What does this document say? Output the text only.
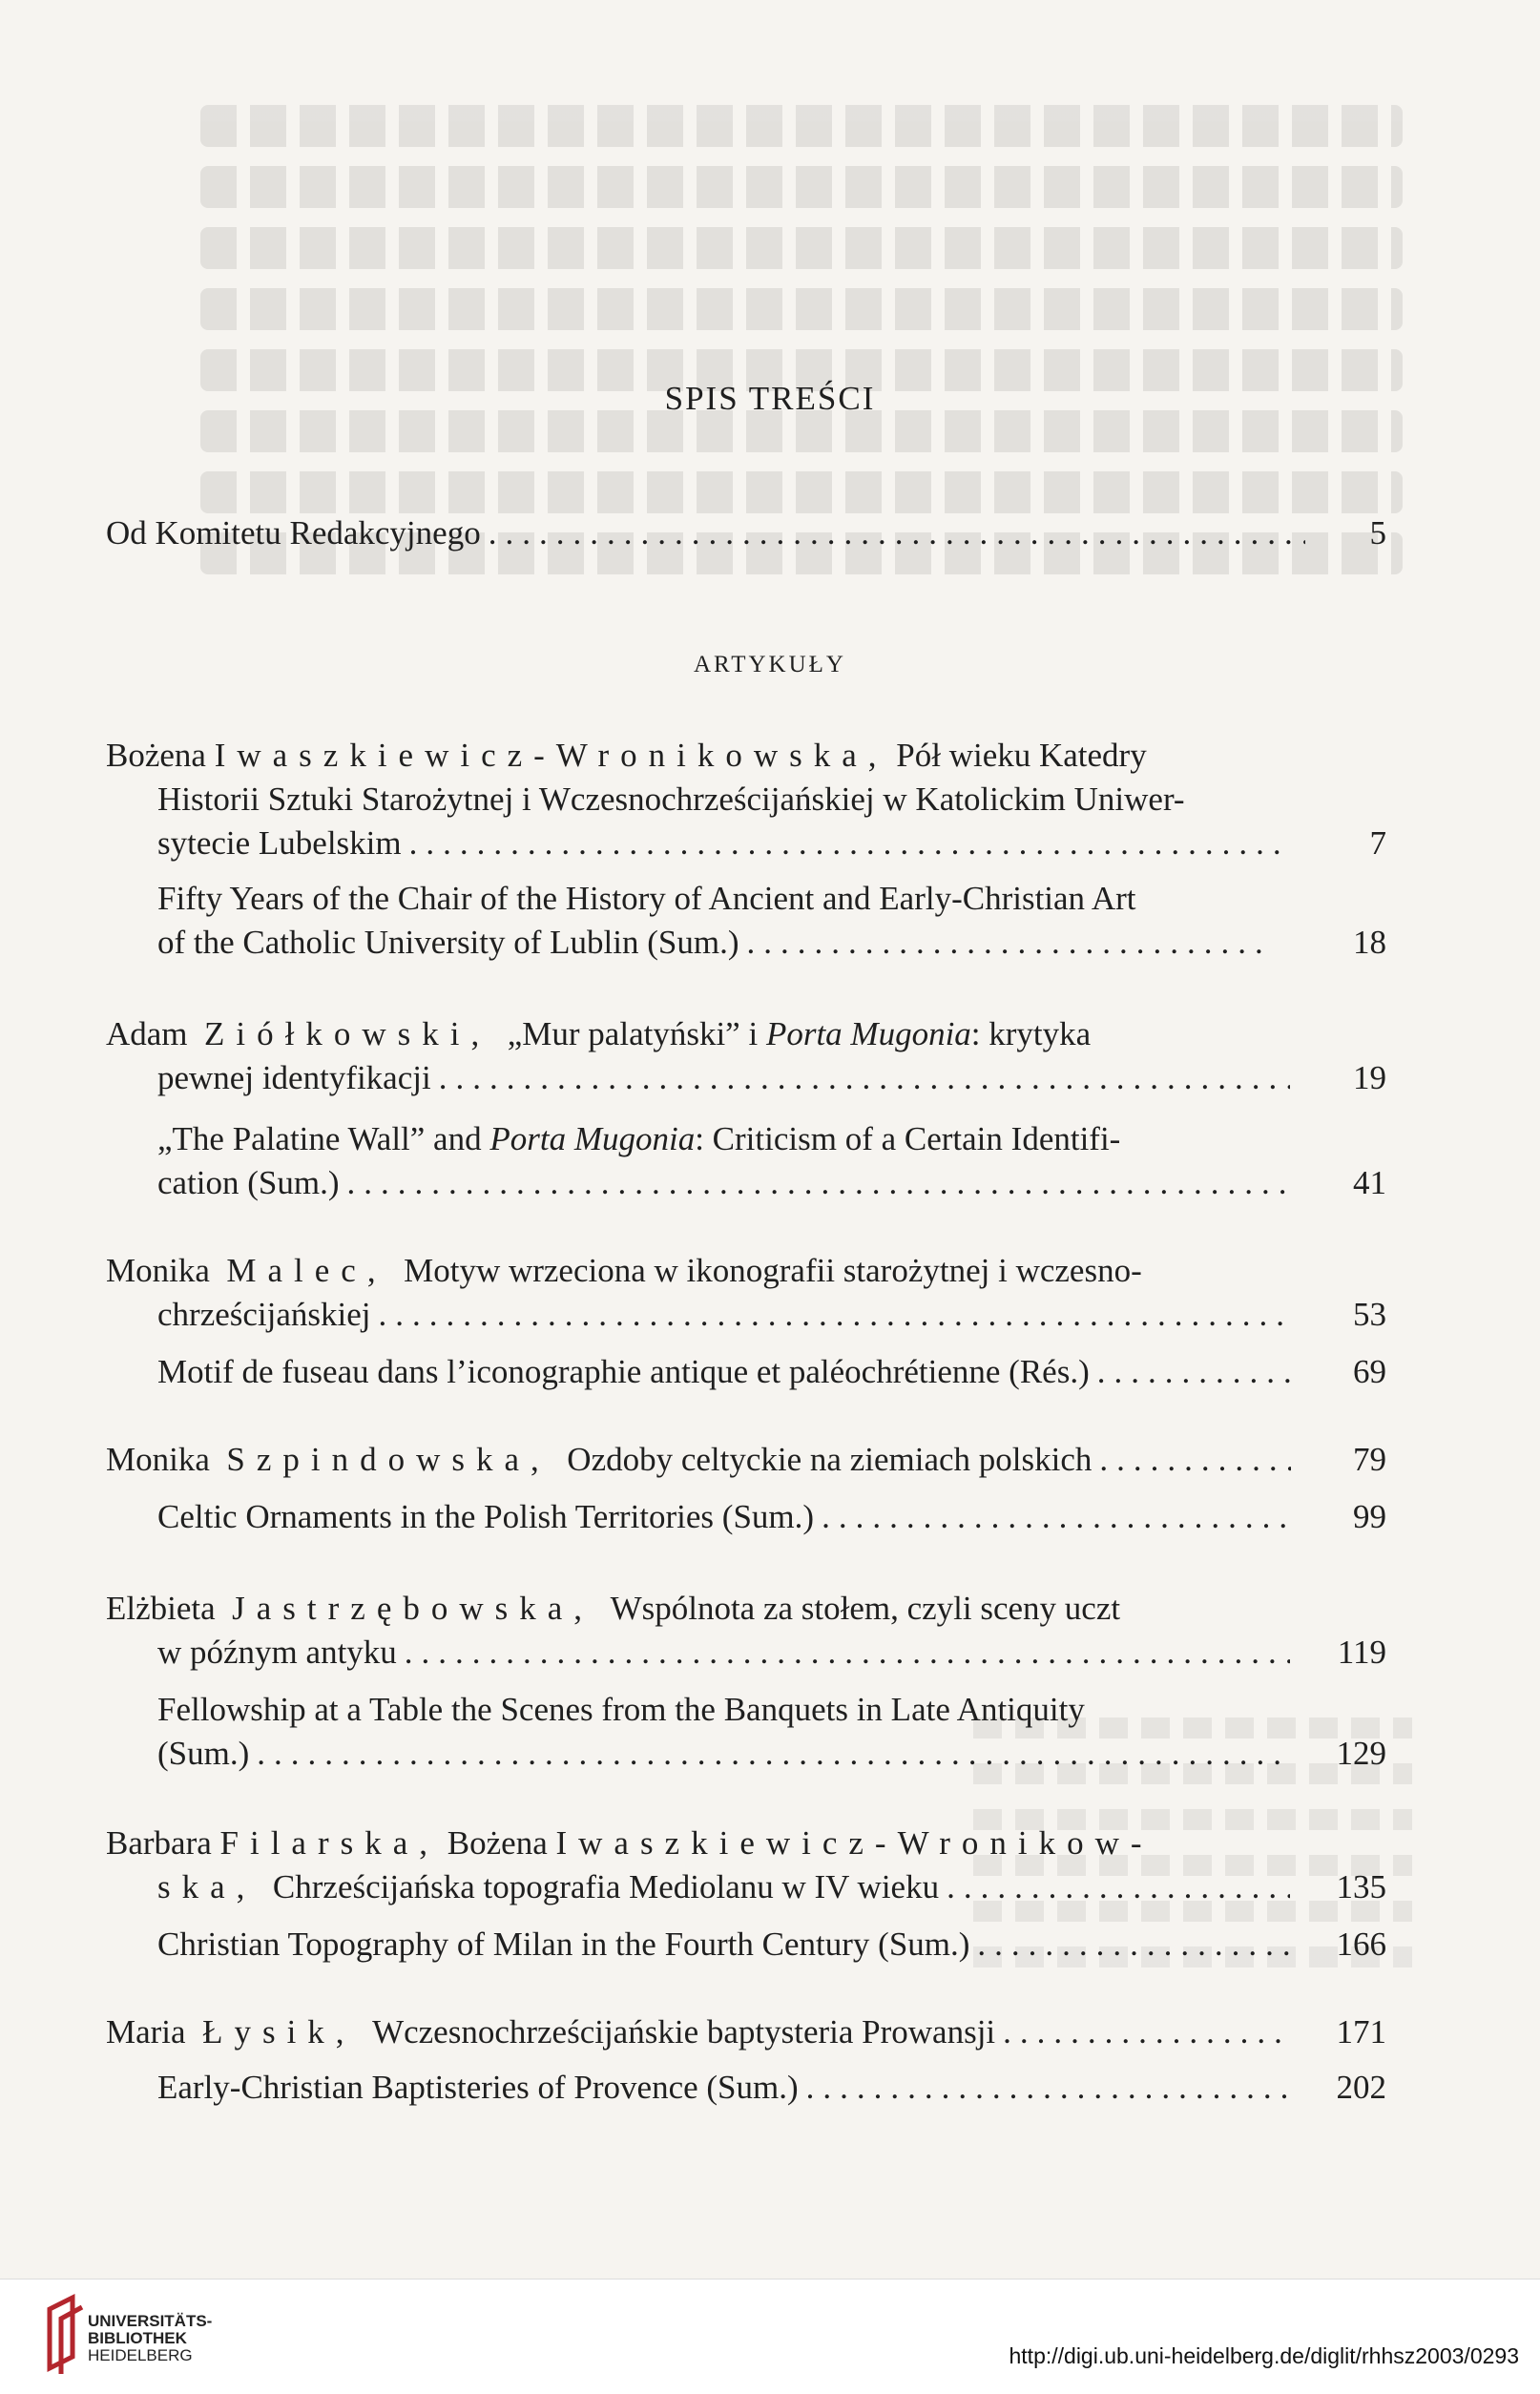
SPIS TREŚCI
Od Komitetu Redakcyjnego .....	5
ARTYKUŁY
Bożena
Iwaszkiewicz-Wronikowska,
Pół wieku Katedry
Historii Sztuki Starożytnej i Wczesnochrześcijańskiej w Katolickim Uniwer-
sytecie Lubelskim .....	7
Fifty Years of the Chair of the History of Ancient and Early-Christian Art
of the Catholic University of Lublin (Sum.) .....	18
Adam
Ziółkowski,
„Mur palatyński” i
Porta Mugonia : krytyka
pewnej identyfikacji .....	19
„The Palatine Wall” and
Porta Mugonia : Criticism of a Certain Identifi-
cation (Sum.) .....	41
Monika
Malec,
Motyw wrzeciona w ikonografii starożytnej i wczesno-
chrześcijańskiej .....	53
Motif de fuseau dans l’iconographie antique et paléochrétienne (Rés.) .....	69
Monika
Szpindowska,
Ozdoby celtyckie na ziemiach polskich .....	79
Celtic Ornaments in the Polish Territories (Sum.) .....	99
Elżbieta
Jastrzębowska,
Wspólnota za stołem, czyli sceny uczt
w późnym antyku .....	119
Fellowship at a Table the Scenes from the Banquets in Late Antiquity
(Sum.) .....	129
Barbara
Filarska,
Bożena
Iwaszkiewicz-Wronikow-
ska,
Chrześcijańska topografia Mediolanu w IV wieku .....	135
Christian Topography of Milan in the Fourth Century (Sum.) .....	166
Maria
Łysik,
Wczesnochrześcijańskie baptysteria Prowansji .....	171
Early-Christian Baptisteries of Provence (Sum.) .....	202
UNIVERSITÄTS-
BIBLIOTHEK
HEIDELBERG	http://digi.ub.uni-heidelberg.de/diglit/rhhsz2003/0293
